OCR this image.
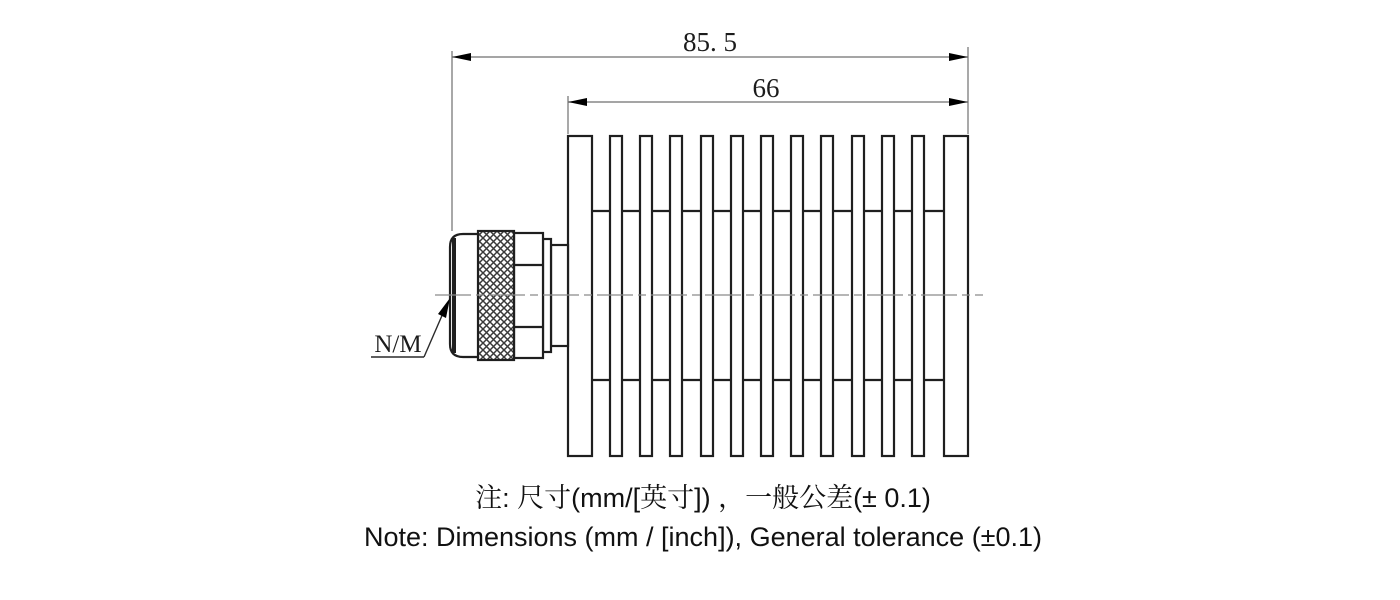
85. 5
66
N/M
注: 尺寸(mm/[英寸]) ，一般公差(± 0.1)
Note: Dimensions (mm / [inch]), General tolerance (±0.1)
